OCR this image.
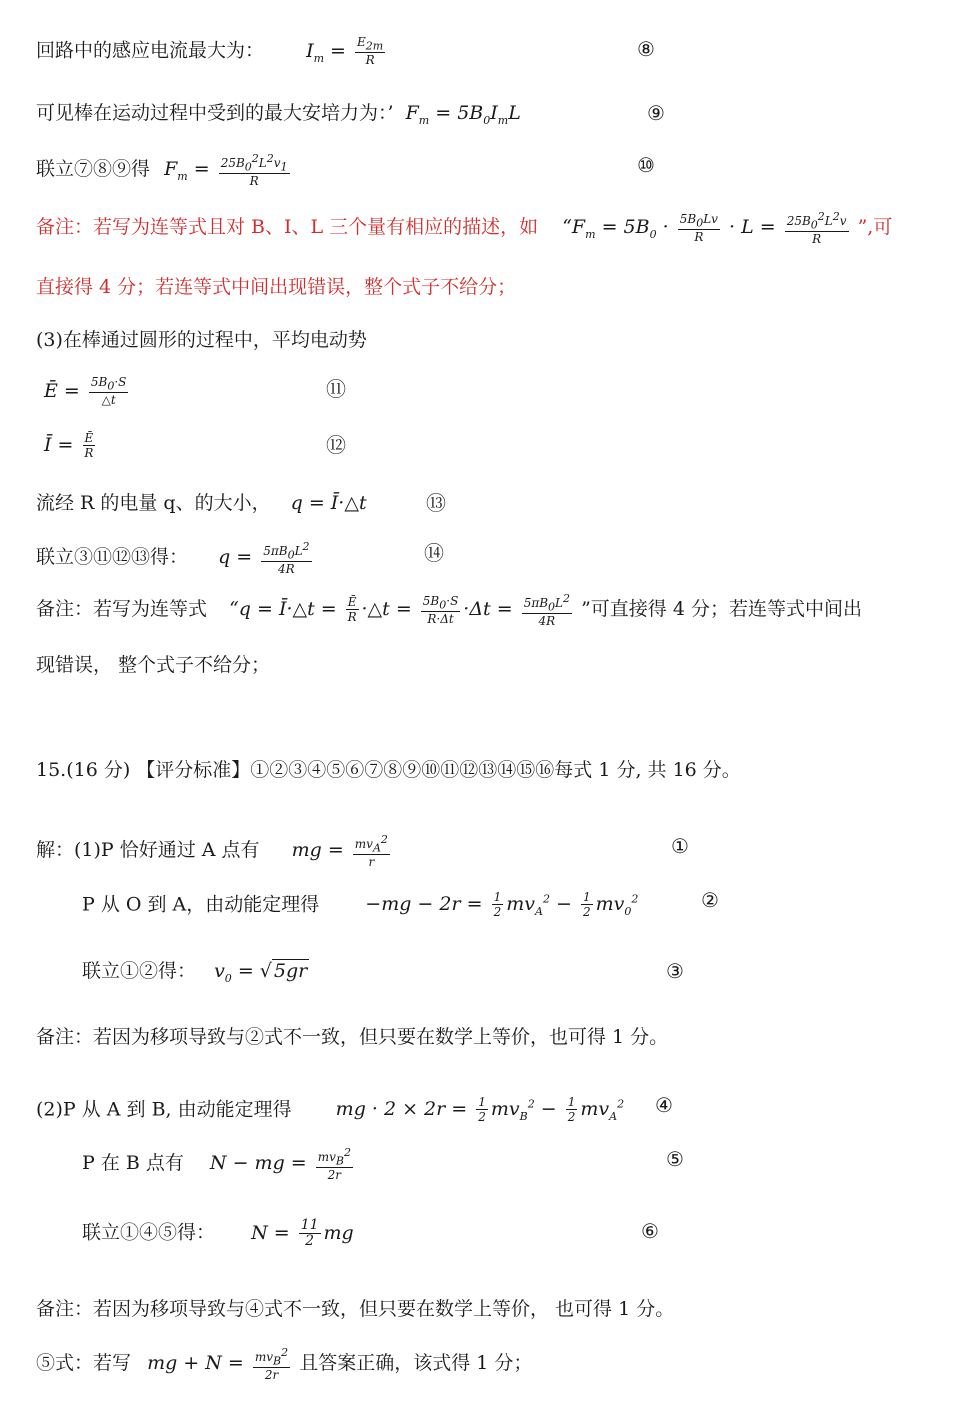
回路中的感应电流最大为： $I_m = \frac{E_{2m}}{R}$	⑧
可见棒在运动过程中受到的最大安培力为：’ $F_m = 5B_0I_mL$	⑨
联立⑦⑧⑨得 $F_m = \frac{25B_0^2L^2v_1}{R}$	⑩
备注：若写为连等式且对 B、I、L 三个量有相应的描述，如 “$F_m = 5B_0 \cdot \frac{5B_0Lv}{R} \cdot L = \frac{25B_0^2L^2v}{R}$ ”,可
直接得 4 分；若连等式中间出现错误，整个式子不给分；
(3)在棒通过圆形的过程中，平均电动势
Ē = $\frac{5B_0\cdot S}{\triangle t}$	⑪
Ī = $\frac{Ē}{R}$	⑫
流经 R 的电量 q、的大小， q = Ī·△t	⑬
联立③⑪⑫⑬得： $q = \frac{5\pi B_0L^2}{4R}$	⑭
备注：若写为连等式 “q = Ī·△t = $\frac{Ē}{R}$ ·△t = $\frac{5B_0\cdot S}{R\cdot\Delta t} \cdot\Delta t = \frac{5\pi B_0L^2}{4R}$ ”可直接得 4 分；若连等式中间出
现错误， 整个式子不给分；
15.(16 分) 【评分标准】①②③④⑤⑥⑦⑧⑨⑩⑪⑫⑬⑭⑮⑯每式 1 分, 共 16 分。
解：(1)P 恰好通过 A 点有 mg = $mv_A^2$
r
①
P 从 O 到 A，由动能定理得 $-mg - 2r = \frac{1}{2} mv_A^2 - \frac{1}{2} mv_0^2$	②
联立①②得： $v_0$ = √ 5gr	③
备注：若因为移项导致与②式不一致，但只要在数学上等价，也可得 1 分。
(2)P 从 A 到 B, 由动能定理得 mg · $2 \times 2r = \frac{1}{2} mv_B^2 - \frac{1}{2} mv_A^2$ ④
P 在 B 点有 N − mg = $mv_B^2$
2r
⑤
联立①④⑤得： $N = \frac{11}{2}$ mg	⑥
备注：若因为移项导致与④式不一致，但只要在数学上等价， 也可得 1 分。
⑤式：若写 mg + $N = mv_B^2$
2r
且答案正确，该式得 1 分；
